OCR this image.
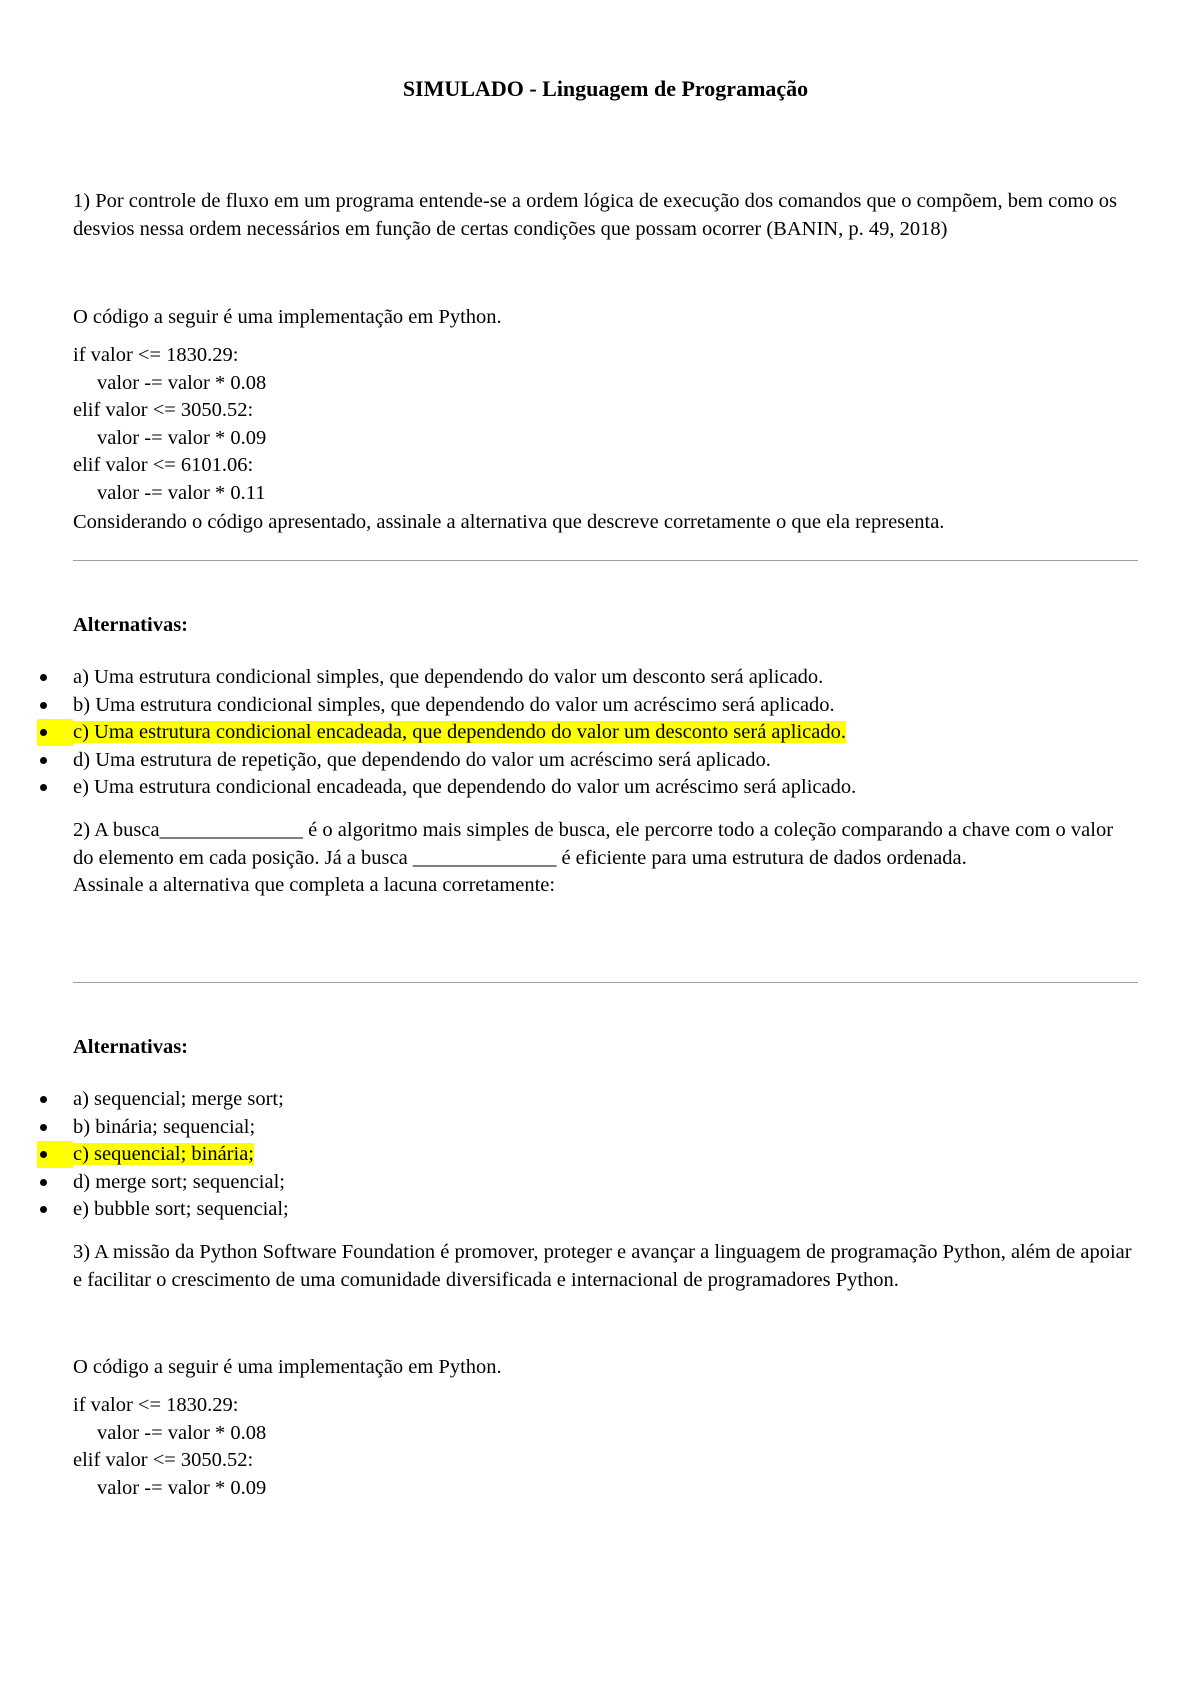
SIMULADO - Linguagem de Programação

1) Por controle de fluxo em um programa entende-se a ordem lógica de execução dos comandos que o compõem, bem como os desvios nessa ordem necessários em função de certas condições que possam ocorrer (BANIN, p. 49, 2018)

O código a seguir é uma implementação em Python.

if valor <= 1830.29:

valor -= valor * 0.08

elif valor <= 3050.52:

valor -= valor * 0.09

elif valor <= 6101.06:

valor -= valor * 0.11

Considerando o código apresentado, assinale a alternativa que descreve corretamente o que ela representa.

Alternativas:

a) Uma estrutura condicional simples, que dependendo do valor um desconto será aplicado.
b) Uma estrutura condicional simples, que dependendo do valor um acréscimo será aplicado.
c) Uma estrutura condicional encadeada, que dependendo do valor um desconto será aplicado.
d) Uma estrutura de repetição, que dependendo do valor um acréscimo será aplicado.
e) Uma estrutura condicional encadeada, que dependendo do valor um acréscimo será aplicado.

2) A busca______________ é o algoritmo mais simples de busca, ele percorre todo a coleção comparando a chave com o valor do elemento em cada posição. Já a busca ______________ é eficiente para uma estrutura de dados ordenada.

Assinale a alternativa que completa a lacuna corretamente:

Alternativas:

a) sequencial; merge sort;
b) binária; sequencial;
c) sequencial; binária;
d) merge sort; sequencial;
e) bubble sort; sequencial;

3) A missão da Python Software Foundation é promover, proteger e avançar a linguagem de programação Python, além de apoiar e facilitar o crescimento de uma comunidade diversificada e internacional de programadores Python.

O código a seguir é uma implementação em Python.

if valor <= 1830.29:

valor -= valor * 0.08

elif valor <= 3050.52:

valor -= valor * 0.09
